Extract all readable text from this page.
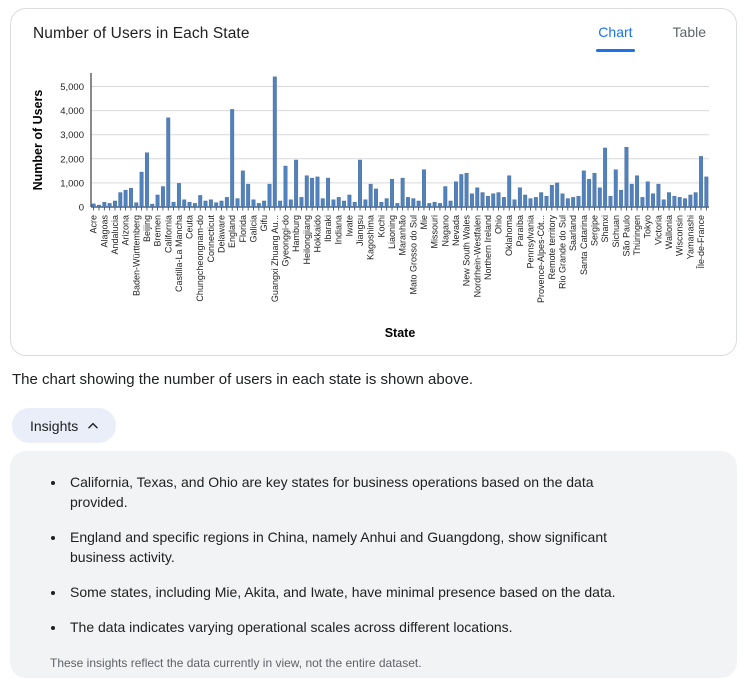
Number of Users in Each State	Chart	Table
0
1,000
2,000
3,000
4,000
5,000
Acre Alagoas Andalucia Arizona Baden-Württemberg Beijing Bremen California Castilla-La Mancha Ceuta Chungcheongnam-do Connecticut Delaware England Florida Galicia Gifu Guangxi Zhuang Au... Gyeonggi-do Hamburg Heilongjiang Hokkaido Ibaraki Indiana Iwate Jiangsu Kagoshima Kochi Liaoning Maranhão Mato Grosso do Sul Mie Missouri Nagano Nevada New South Wales Nordrhein-Westfalen Northern Ireland Ohio Oklahoma Paraíba Pennsylvania Provence-Alpes-Côt... Remote territory Rio Grande do Sul Saarland Santa Catarina Sergipe Shanxi Sichuan São Paulo Thüringen Tokyo Victoria Wallonia Wisconsin Yamanashi Île-de-France
Number of Users
State
The chart showing the number of users in each state is shown above.
Insights
• California, Texas, and Ohio are key states for business operations based on the data provided.
• England and specific regions in China, namely Anhui and Guangdong, show significant business activity.
• Some states, including Mie, Akita, and Iwate, have minimal presence based on the data.
• The data indicates varying operational scales across different locations.
These insights reflect the data currently in view, not the entire dataset.
